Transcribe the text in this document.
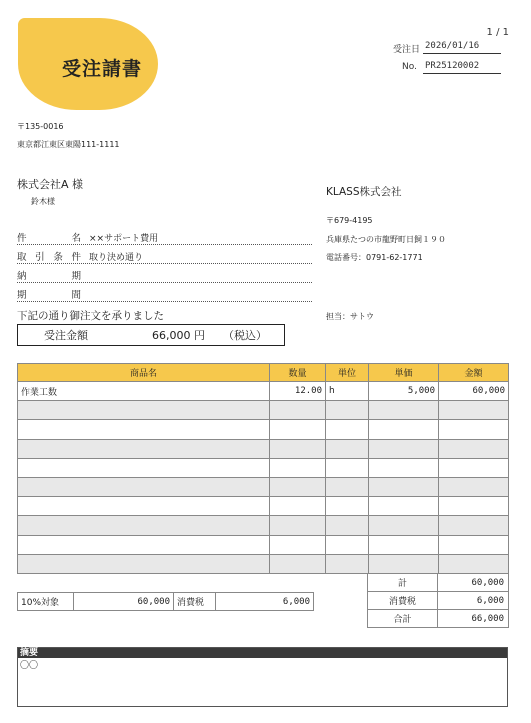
受注請書
1 / 1
受注日 2026/01/16
No. PR25120002
〒135-0016
東京都江東区東陽111-1111
株式会社A 様
鈴木様
KLASS株式会社
〒679-4195
兵庫県たつの市龍野町日飼１９０
電話番号：0791-62-1771
担当：サトウ
件	名 ××サポート費用
取 引 条 件 取り決め通り
納	期
期	間
下記の通り御注文を承りました
受注金額	66,000 円 （税込）
商品名	数量	単位	単価	金額
作業工数	12.00	h	5,000	60,000

計	60,000
消費税	6,000
合計	66,000
10%対象	60,000	消費税	6,000
摘要
〇〇
